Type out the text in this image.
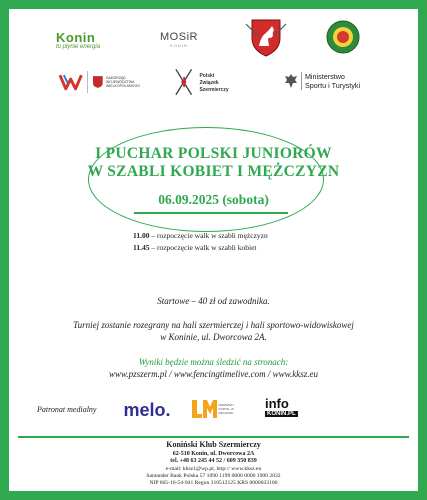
Konin
tu płynie energia
MOSiR
KONIN
SAMORZĄD WOJEWÓDZTWA WIELKOPOLSKIEGO
Polski Związek
Szermierczy
Ministerstwo
Sportu i Turystyki
I PUCHAR POLSKI JUNIORÓW
W SZABLI KOBIET I MĘŻCZYZN
06.09.2025 (sobota)
11.00 – rozpoczęcie walk w szabli mężczyzn
11.45 – rozpoczęcie walk w szabli kobiet
Startowe – 40 zł od zawodnika.
Turniej zostanie rozegrany na hali szermierczej i hali sportowo-widowiskowej
w Koninie, ul. Dworcowa 2A.
Wyniki będzie można śledzić na stronach:
www.pzszerm.pl / www.fencingtimelive.com / www.kksz.eu
Patronat medialny melo.	PIERWSZY PORTAL W REGIONIE
info
KONIN.PL
Koniński Klub Szermierczy
62-510 Konin, ul. Dworcowa 2A
tel. +48 63 245 44 52 / 609 350 839
e-mail: kksz1@wp.pl, http:// www.kksz.eu
Santander Bank Polska 57 1090 1199 0000 0000 1900 2832
NIP 665-16-54-941 Regon 310512125 KRS 0000033106
